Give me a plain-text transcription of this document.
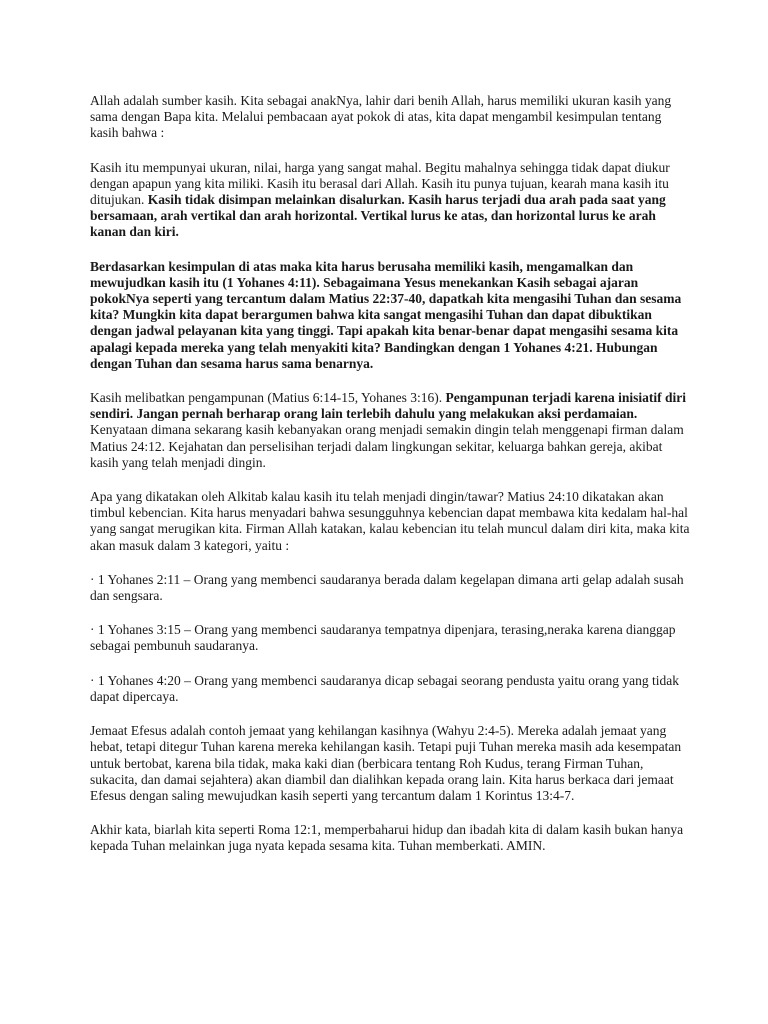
Allah adalah sumber kasih. Kita sebagai anakNya, lahir dari benih Allah, harus memiliki ukuran kasih yang sama dengan Bapa kita. Melalui pembacaan ayat pokok di atas, kita dapat mengambil kesimpulan tentang kasih bahwa :

Kasih itu mempunyai ukuran, nilai, harga yang sangat mahal. Begitu mahalnya sehingga tidak dapat diukur dengan apapun yang kita miliki. Kasih itu berasal dari Allah. Kasih itu punya tujuan, kearah mana kasih itu ditujukan. Kasih tidak disimpan melainkan disalurkan. Kasih harus terjadi dua arah pada saat yang bersamaan, arah vertikal dan arah horizontal. Vertikal lurus ke atas, dan horizontal lurus ke arah kanan dan kiri.

Berdasarkan kesimpulan di atas maka kita harus berusaha memiliki kasih, mengamalkan dan mewujudkan kasih itu (1 Yohanes 4:11). Sebagaimana Yesus menekankan Kasih sebagai ajaran pokokNya seperti yang tercantum dalam Matius 22:37-40, dapatkah kita mengasihi Tuhan dan sesama kita? Mungkin kita dapat berargumen bahwa kita sangat mengasihi Tuhan dan dapat dibuktikan dengan jadwal pelayanan kita yang tinggi. Tapi apakah kita benar-benar dapat mengasihi sesama kita apalagi kepada mereka yang telah menyakiti kita? Bandingkan dengan 1 Yohanes 4:21. Hubungan dengan Tuhan dan sesama harus sama benarnya.

Kasih melibatkan pengampunan (Matius 6:14-15, Yohanes 3:16). Pengampunan terjadi karena inisiatif diri sendiri. Jangan pernah berharap orang lain terlebih dahulu yang melakukan aksi perdamaian. Kenyataan dimana sekarang kasih kebanyakan orang menjadi semakin dingin telah menggenapi firman dalam Matius 24:12. Kejahatan dan perselisihan terjadi dalam lingkungan sekitar, keluarga bahkan gereja, akibat kasih yang telah menjadi dingin.

Apa yang dikatakan oleh Alkitab kalau kasih itu telah menjadi dingin/tawar? Matius 24:10 dikatakan akan timbul kebencian. Kita harus menyadari bahwa sesungguhnya kebencian dapat membawa kita kedalam hal-hal yang sangat merugikan kita. Firman Allah katakan, kalau kebencian itu telah muncul dalam diri kita, maka kita akan masuk dalam 3 kategori, yaitu :

· 1 Yohanes 2:11 – Orang yang membenci saudaranya berada dalam kegelapan dimana arti gelap adalah susah dan sengsara.

· 1 Yohanes 3:15 – Orang yang membenci saudaranya tempatnya dipenjara, terasing,neraka karena dianggap sebagai pembunuh saudaranya.

· 1 Yohanes 4:20 – Orang yang membenci saudaranya dicap sebagai seorang pendusta yaitu orang yang tidak dapat dipercaya.

Jemaat Efesus adalah contoh jemaat yang kehilangan kasihnya (Wahyu 2:4-5). Mereka adalah jemaat yang hebat, tetapi ditegur Tuhan karena mereka kehilangan kasih. Tetapi puji Tuhan mereka masih ada kesempatan untuk bertobat, karena bila tidak, maka kaki dian (berbicara tentang Roh Kudus, terang Firman Tuhan, sukacita, dan damai sejahtera) akan diambil dan dialihkan kepada orang lain. Kita harus berkaca dari jemaat Efesus dengan saling mewujudkan kasih seperti yang tercantum dalam 1 Korintus 13:4-7.

Akhir kata, biarlah kita seperti Roma 12:1, memperbaharui hidup dan ibadah kita di dalam kasih bukan hanya kepada Tuhan melainkan juga nyata kepada sesama kita. Tuhan memberkati. AMIN.
